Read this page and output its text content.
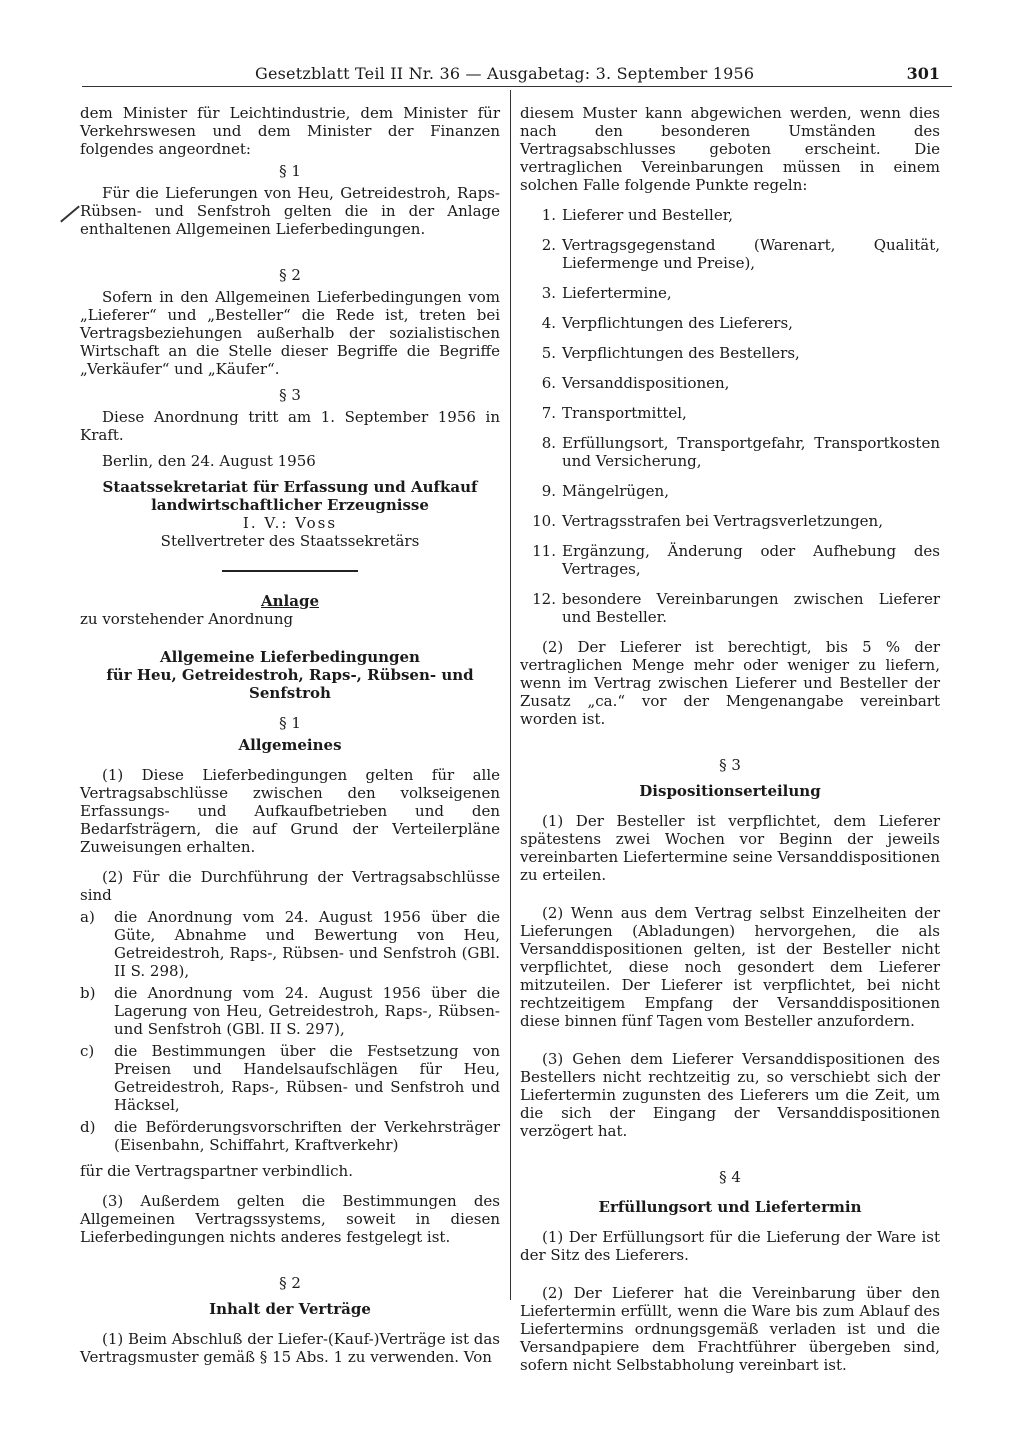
Gesetzblatt Teil II Nr. 36 — Ausgabetag: 3. September 1956	301

dem Minister für Leichtindustrie, dem Minister für Verkehrswesen und dem Minister der Finanzen folgendes angeordnet:

§ 1

Für die Lieferungen von Heu, Getreidestroh, Raps-Rübsen- und Senfstroh gelten die in der Anlage enthaltenen Allgemeinen Lieferbedingungen.

§ 2

Sofern in den Allgemeinen Lieferbedingungen vom „Lieferer“ und „Besteller“ die Rede ist, treten bei Vertragsbeziehungen außerhalb der sozialistischen Wirtschaft an die Stelle dieser Begriffe die Begriffe „Verkäufer“ und „Käufer“.

§ 3

Diese Anordnung tritt am 1. September 1956 in Kraft.

Berlin, den 24. August 1956

Staatssekretariat für Erfassung und Aufkauf

landwirtschaftlicher Erzeugnisse

I. V.: Voss

Stellvertreter des Staatssekretärs

Anlage

zu vorstehender Anordnung

Allgemeine Lieferbedingungen

für Heu, Getreidestroh, Raps-, Rübsen- und Senfstroh

§ 1

Allgemeines

(1) Diese Lieferbedingungen gelten für alle Vertragsabschlüsse zwischen den volkseigenen Erfassungs- und Aufkaufbetrieben und den Bedarfsträgern, die auf Grund der Verteilerpläne Zuweisungen erhalten.

(2) Für die Durchführung der Vertragsabschlüsse sind

a)	die Anordnung vom 24. August 1956 über die Güte, Abnahme und Bewertung von Heu, Getreidestroh, Raps-, Rübsen- und Senfstroh (GBl. II S. 298),
b)	die Anordnung vom 24. August 1956 über die Lagerung von Heu, Getreidestroh, Raps-, Rübsen- und Senfstroh (GBl. II S. 297),
c)	die Bestimmungen über die Festsetzung von Preisen und Handelsaufschlägen für Heu, Getreidestroh, Raps-, Rübsen- und Senfstroh und Häcksel,
d)	die Beförderungsvorschriften der Verkehrsträger (Eisenbahn, Schiffahrt, Kraftverkehr)

für die Vertragspartner verbindlich.

(3) Außerdem gelten die Bestimmungen des Allgemeinen Vertragssystems, soweit in diesen Lieferbedingungen nichts anderes festgelegt ist.

§ 2

Inhalt der Verträge

(1) Beim Abschluß der Liefer-(Kauf-)Verträge ist das Vertragsmuster gemäß § 15 Abs. 1 zu verwenden. Von

diesem Muster kann abgewichen werden, wenn dies nach den besonderen Umständen des Vertragsabschlusses geboten erscheint. Die vertraglichen Vereinbarungen müssen in einem solchen Falle folgende Punkte regeln:

1. Lieferer und Besteller,
2. Vertragsgegenstand (Warenart, Qualität, Liefermenge und Preise),
3. Liefertermine,
4. Verpflichtungen des Lieferers,
5. Verpflichtungen des Bestellers,
6. Versanddispositionen,
7. Transportmittel,
8. Erfüllungsort, Transportgefahr, Transportkosten und Versicherung,
9. Mängelrügen,
10. Vertragsstrafen bei Vertragsverletzungen,
11. Ergänzung, Änderung oder Aufhebung des Vertrages,
12. besondere Vereinbarungen zwischen Lieferer und Besteller.

(2) Der Lieferer ist berechtigt, bis 5 % der vertraglichen Menge mehr oder weniger zu liefern, wenn im Vertrag zwischen Lieferer und Besteller der Zusatz „ca.“ vor der Mengenangabe vereinbart worden ist.

§ 3

Dispositionserteilung

(1) Der Besteller ist verpflichtet, dem Lieferer spätestens zwei Wochen vor Beginn der jeweils vereinbarten Liefertermine seine Versanddispositionen zu erteilen.

(2) Wenn aus dem Vertrag selbst Einzelheiten der Lieferungen (Abladungen) hervorgehen, die als Versanddispositionen gelten, ist der Besteller nicht verpflichtet, diese noch gesondert dem Lieferer mitzuteilen. Der Lieferer ist verpflichtet, bei nicht rechtzeitigem Empfang der Versanddispositionen diese binnen fünf Tagen vom Besteller anzufordern.

(3) Gehen dem Lieferer Versanddispositionen des Bestellers nicht rechtzeitig zu, so verschiebt sich der Liefertermin zugunsten des Lieferers um die Zeit, um die sich der Eingang der Versanddispositionen verzögert hat.

§ 4

Erfüllungsort und Liefertermin

(1) Der Erfüllungsort für die Lieferung der Ware ist der Sitz des Lieferers.

(2) Der Lieferer hat die Vereinbarung über den Liefertermin erfüllt, wenn die Ware bis zum Ablauf des Liefertermins ordnungsgemäß verladen ist und die Versandpapiere dem Frachtführer übergeben sind, sofern nicht Selbstabholung vereinbart ist.
